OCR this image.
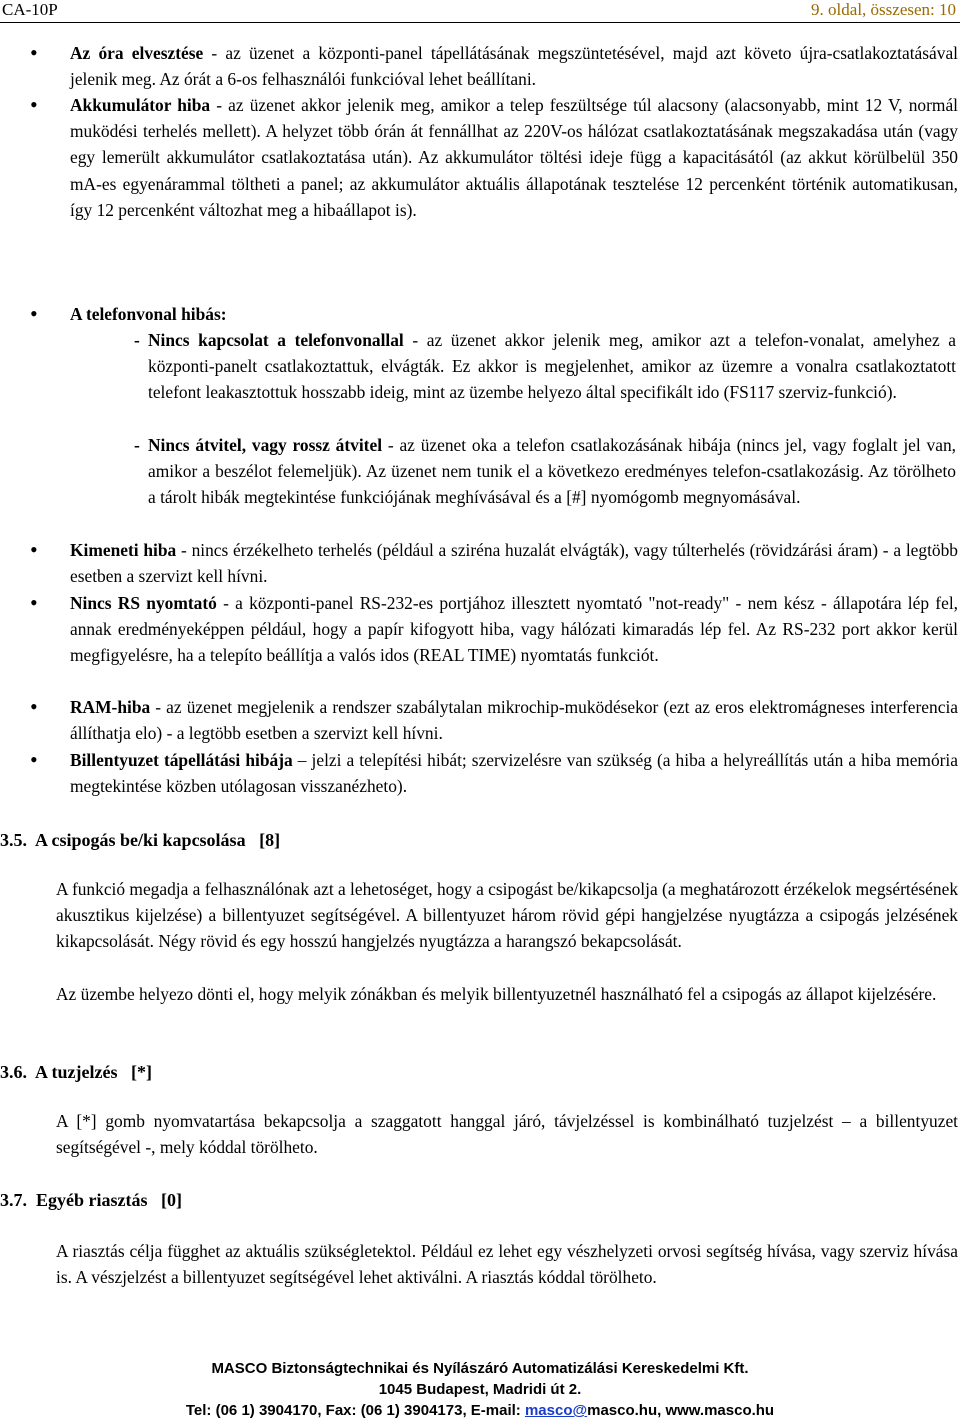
CA-10P	9. oldal, összesen: 10
• Az óra elvesztése - az üzenet a központi-panel tápellátásának megszüntetésével, majd azt követo újra-csatlakoztatásával jelenik meg. Az órát a 6-os felhasználói funkcióval lehet beállítani.
• Akkumulátor hiba - az üzenet akkor jelenik meg, amikor a telep feszültsége túl alacsony (alacsonyabb, mint 12 V, normál muködési terhelés mellett). A helyzet több órán át fennállhat az 220V-os hálózat csatlakoztatásának megszakadása után (vagy egy lemerült akkumulátor csatlakoztatása után). Az akkumulátor töltési ideje függ a kapacitásától (az akkut körülbelül 350 mA-es egyenárammal töltheti a panel; az akkumulátor aktuális állapotának tesztelése 12 percenként történik automatikusan, így 12 percenként változhat meg a hibaállapot is).
• A telefonvonal hibás:
- Nincs kapcsolat a telefonvonallal - az üzenet akkor jelenik meg, amikor azt a telefon-vonalat, amelyhez a központi-panelt csatlakoztattuk, elvágták. Ez akkor is megjelenhet, amikor az üzemre a vonalra csatlakoztatott telefont leakasztottuk hosszabb ideig, mint az üzembe helyezo által specifikált ido (FS117 szerviz-funkció).
- Nincs átvitel, vagy rossz átvitel - az üzenet oka a telefon csatlakozásának hibája (nincs jel, vagy foglalt jel van, amikor a beszélot felemeljük). Az üzenet nem tunik el a következo eredményes telefon-csatlakozásig. Az törölheto a tárolt hibák megtekintése funkciójának meghívásával és a [#] nyomógomb megnyomásával.
• Kimeneti hiba - nincs érzékelheto terhelés (például a sziréna huzalát elvágták), vagy túlterhelés (rövidzárási áram) - a legtöbb esetben a szervizt kell hívni.
• Nincs RS nyomtató - a központi-panel RS-232-es portjához illesztett nyomtató "not-ready" - nem kész - állapotára lép fel, annak eredményeképpen például, hogy a papír kifogyott hiba, vagy hálózati kimaradás lép fel. Az RS-232 port akkor kerül megfigyelésre, ha a telepíto beállítja a valós idos (REAL TIME) nyomtatás funkciót.
• RAM-hiba - az üzenet megjelenik a rendszer szabálytalan mikrochip-muködésekor (ezt az eros elektromágneses interferencia állíthatja elo) - a legtöbb esetben a szervizt kell hívni.
• Billentyuzet tápellátási hibája – jelzi a telepítési hibát; szervizelésre van szükség (a hiba a helyreállítás után a hiba memória megtekintése közben utólagosan visszanézheto).
3.5. A csipogás be/ki kapcsolása [8]
A funkció megadja a felhasználónak azt a lehetoséget, hogy a csipogást be/kikapcsolja (a meghatározott érzékelok megsértésének akusztikus kijelzése) a billentyuzet segítségével. A billentyuzet három rövid gépi hangjelzése nyugtázza a csipogás jelzésének kikapcsolását. Négy rövid és egy hosszú hangjelzés nyugtázza a harangszó bekapcsolását.
Az üzembe helyezo dönti el, hogy melyik zónákban és melyik billentyuzetnél használható fel a csipogás az állapot kijelzésére.
3.6. A tuzjelzés [*]
A [*] gomb nyomvatartása bekapcsolja a szaggatott hanggal járó, távjelzéssel is kombinálható tuzjelzést – a billentyuzet segítségével -, mely kóddal törölheto.
3.7. Egyéb riasztás [0]
A riasztás célja függhet az aktuális szükségletektol. Például ez lehet egy vészhelyzeti orvosi segítség hívása, vagy szerviz hívása is. A vészjelzést a billentyuzet segítségével lehet aktiválni. A riasztás kóddal törölheto.
MASCO Biztonságtechnikai és Nyílászáró Automatizálási Kereskedelmi Kft.
1045 Budapest, Madridi út 2.
Tel: (06 1) 3904170, Fax: (06 1) 3904173, E-mail: masco@masco.hu, www.masco.hu
